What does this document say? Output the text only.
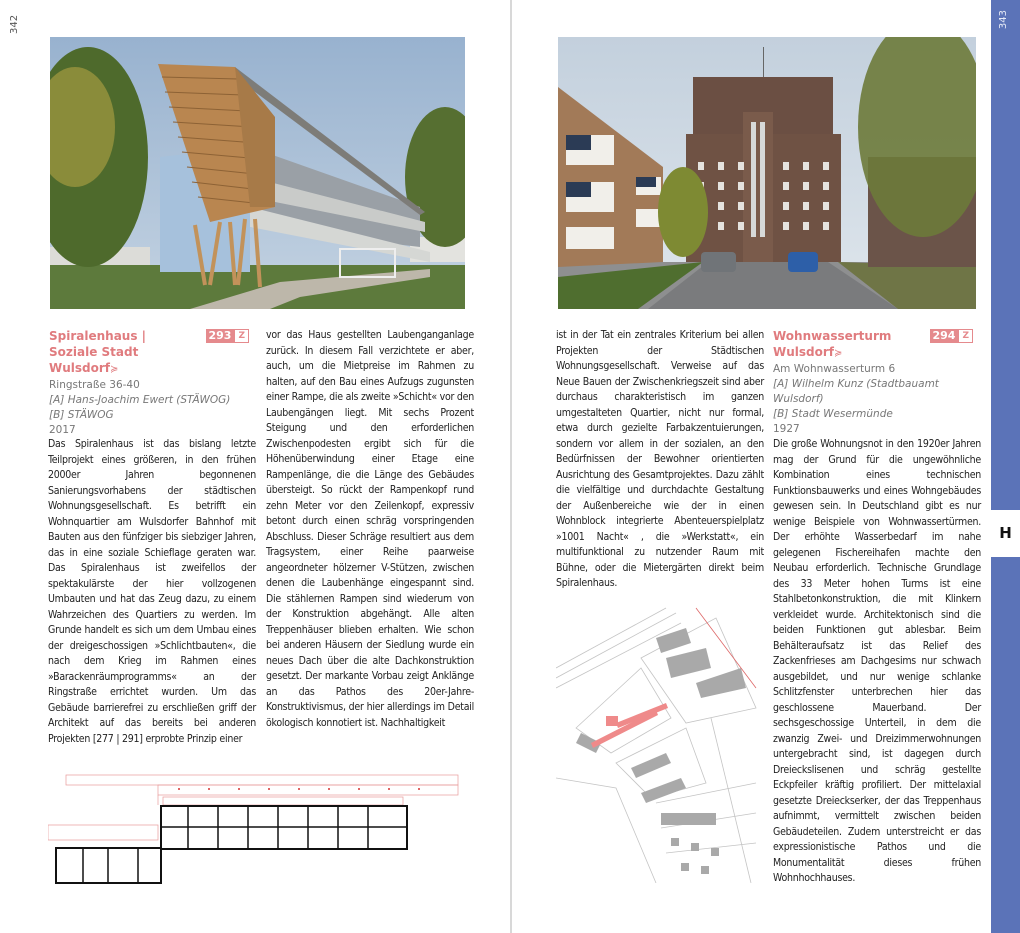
342	343
H
Spiralenhaus | Soziale Stadt Wulsdorf≽
293 Z
Ringstraße 36-40
[A] Hans-Joachim Ewert (STÄWOG)
[B] STÄWOG
2017
Das Spiralenhaus ist das bislang letzte Teilprojekt eines größeren, in den frühen 2000er Jahren begonnenen Sanierungsvorhabens der städtischen Wohnungsgesellschaft. Es betrifft ein Wohnquartier am Wulsdorfer Bahnhof mit Bauten aus den fünfziger bis siebziger Jahren, das in eine soziale Schieflage geraten war. Das Spiralenhaus ist zweifellos der spektakulärste der hier vollzogenen Umbauten und hat das Zeug dazu, zu einem Wahrzeichen des Quartiers zu werden. Im Grunde handelt es sich um dem Umbau eines der dreigeschossigen »Schlichtbauten«, die nach dem Krieg im Rahmen eines »Barackenräumprogramms« an der Ringstraße errichtet wurden. Um das Gebäude barrierefrei zu erschließen griff der Architekt auf das bereits bei anderen Projekten [277 | 291] erprobte Prinzip einer
vor das Haus gestellten Laubenganganlage zurück. In diesem Fall verzichtete er aber, auch, um die Mietpreise im Rahmen zu halten, auf den Bau eines Aufzugs zugunsten einer Rampe, die als zweite »Schicht« vor den Laubengängen liegt. Mit sechs Prozent Steigung und den erforderlichen Zwischenpodesten ergibt sich für die Höhenüberwindung einer Etage eine Rampenlänge, die die Länge des Gebäudes übersteigt. So rückt der Rampenkopf rund zehn Meter vor den Zeilenkopf, expressiv betont durch einen schräg vorspringenden Abschluss. Dieser Schräge resultiert aus dem Tragsystem, einer Reihe paarweise angeordneter hölzerner V-Stützen, zwischen denen die Laubenhänge eingespannt sind. Die stählernen Rampen sind wiederum von der Konstruktion abgehängt. Alle alten Treppenhäuser blieben erhalten. Wie schon bei anderen Häusern der Siedlung wurde ein neues Dach über die alte Dachkonstruktion gesetzt. Der markante Vorbau zeigt Anklänge an das Pathos des 20er-Jahre-Konstruktivismus, der hier allerdings im Detail ökologisch konnotiert ist. Nachhaltigkeit
ist in der Tat ein zentrales Kriterium bei allen Projekten der Städtischen Wohnungsgesellschaft. Verweise auf das Neue Bauen der Zwischenkriegszeit sind aber durchaus charakteristisch im ganzen umgestalteten Quartier, nicht nur formal, etwa durch gezielte Farbakzentuierungen, sondern vor allem in der sozialen, an den Bedürfnissen der Bewohner orientierten Ausrichtung des Gesamtprojektes. Dazu zählt die vielfältige und durchdachte Gestaltung der Außenbereiche wie der in einen Wohnblock integrierte Abenteuerspielplatz »1001 Nacht« , die »Werkstatt«, ein multifunktional zu nutzender Raum mit Bühne, oder die Mietergärten direkt beim Spiralenhaus.
Wohnwasserturm Wulsdorf≽
294 Z
Am Wohnwasserturm 6
[A] Wilhelm Kunz (Stadtbauamt Wulsdorf)
[B] Stadt Wesermünde
1927
Die große Wohnungsnot in den 1920er Jahren mag der Grund für die ungewöhnliche Kombination eines technischen Funktionsbauwerks und eines Wohngebäudes gewesen sein. In Deutschland gibt es nur wenige Beispiele von Wohnwassertürmen. Der erhöhte Wasserbedarf im nahe gelegenen Fischereihafen machte den Neubau erforderlich. Technische Grundlage des 33 Meter hohen Turms ist eine Stahlbetonkonstruktion, die mit Klinkern verkleidet wurde. Architektonisch sind die beiden Funktionen gut ablesbar. Beim Behälteraufsatz ist das Relief des Zackenfrieses am Dachgesims nur schwach ausgebildet, und nur wenige schlanke Schlitzfenster unterbrechen hier das geschlossene Mauerband. Der sechsgeschossige Unterteil, in dem die zwanzig Zwei- und Dreizimmerwohnungen untergebracht sind, ist dagegen durch Dreieckslisenen und schräg gestellte Eckpfeiler kräftig profiliert. Der mittelaxial gesetzte Dreieckserker, der das Treppenhaus aufnimmt, vermittelt zwischen beiden Gebäudeteilen. Zudem unterstreicht er das expressionistische Pathos und die Monumentalität dieses frühen Wohnhochhauses.
